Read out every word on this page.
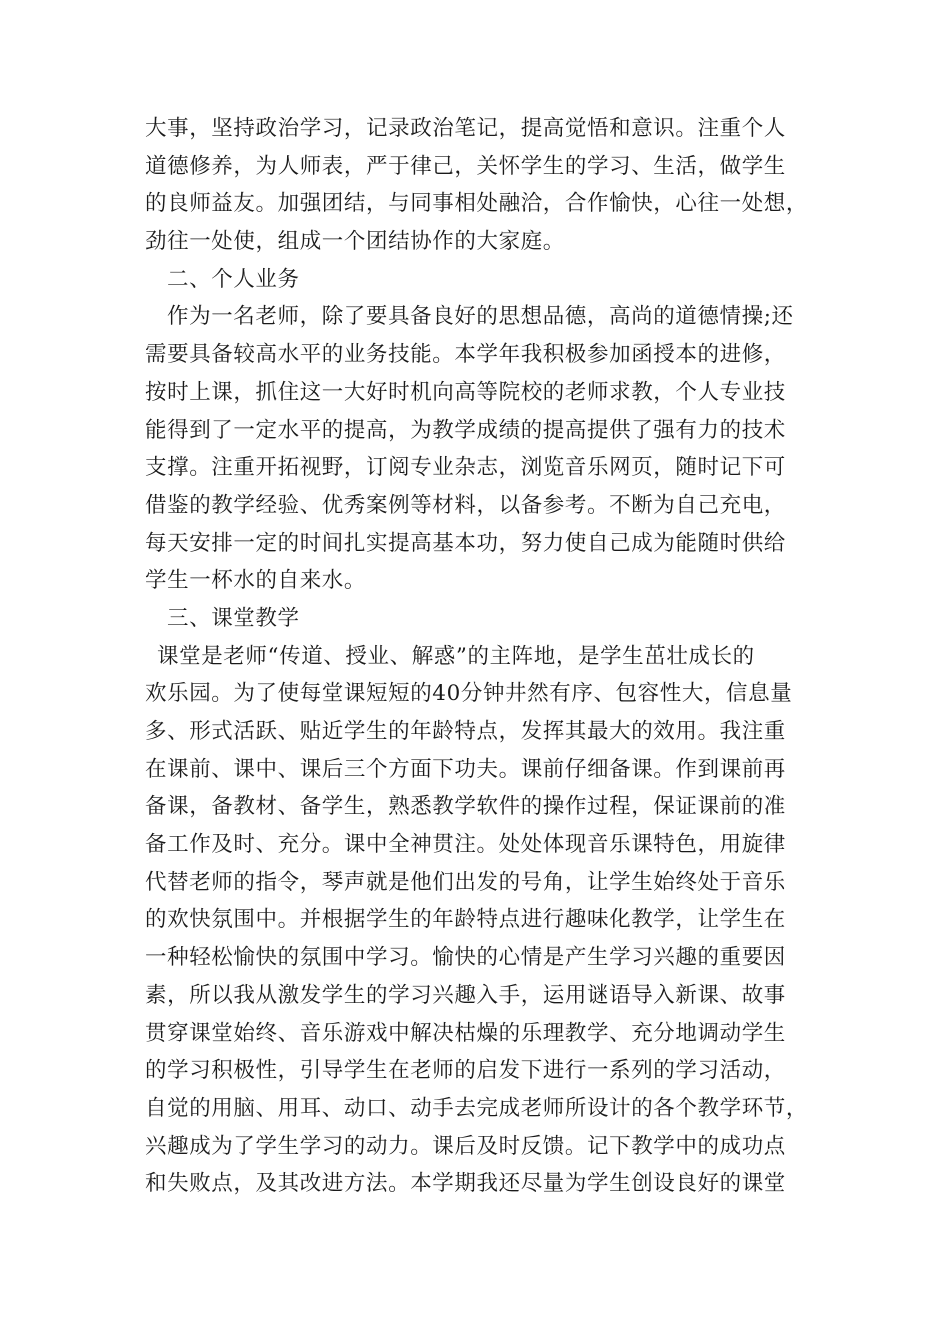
大事，坚持政治学习，记录政治笔记，提高觉悟和意识。注重个人
道德修养，为人师表，严于律己，关怀学生的学习、生活，做学生
的良师益友。加强团结，与同事相处融洽，合作愉快，心往一处想，
劲往一处使，组成一个团结协作的大家庭。
二、个人业务
作为一名老师，除了要具备良好的思想品德，高尚的道德情操;还
需要具备较高水平的业务技能。本学年我积极参加函授本的进修，
按时上课，抓住这一大好时机向高等院校的老师求教，个人专业技
能得到了一定水平的提高，为教学成绩的提高提供了强有力的技术
支撑。注重开拓视野，订阅专业杂志，浏览音乐网页，随时记下可
借鉴的教学经验、优秀案例等材料，以备参考。不断为自己充电，
每天安排一定的时间扎实提高基本功，努力使自己成为能随时供给
学生一杯水的自来水。
三、课堂教学
课堂是老师“传道、授业、解惑”的主阵地，是学生茁壮成长的
欢乐园。为了使每堂课短短的40分钟井然有序、包容性大，信息量
多、形式活跃、贴近学生的年龄特点，发挥其最大的效用。我注重
在课前、课中、课后三个方面下功夫。课前仔细备课。作到课前再
备课，备教材、备学生，熟悉教学软件的操作过程，保证课前的准
备工作及时、充分。课中全神贯注。处处体现音乐课特色，用旋律
代替老师的指令，琴声就是他们出发的号角，让学生始终处于音乐
的欢快氛围中。并根据学生的年龄特点进行趣味化教学，让学生在
一种轻松愉快的氛围中学习。愉快的心情是产生学习兴趣的重要因
素，所以我从激发学生的学习兴趣入手，运用谜语导入新课、故事
贯穿课堂始终、音乐游戏中解决枯燥的乐理教学、充分地调动学生
的学习积极性，引导学生在老师的启发下进行一系列的学习活动，
自觉的用脑、用耳、动口、动手去完成老师所设计的各个教学环节，
兴趣成为了学生学习的动力。课后及时反馈。记下教学中的成功点
和失败点，及其改进方法。本学期我还尽量为学生创设良好的课堂
